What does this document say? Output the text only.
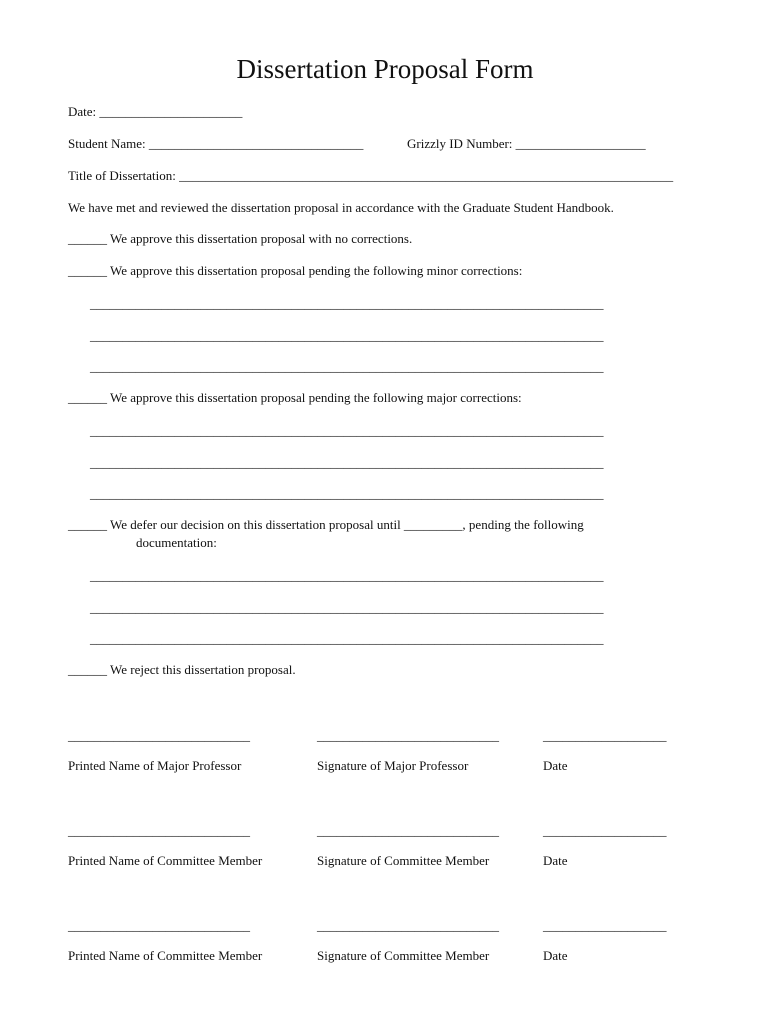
Dissertation Proposal Form
Date: ______________________
Student Name: _________________________________	Grizzly ID Number: ____________________
Title of Dissertation: ____________________________________________________________________________
We have met and reviewed the dissertation proposal in accordance with the Graduate Student Handbook.
______ We approve this dissertation proposal with no corrections.
______ We approve this dissertation proposal pending the following minor corrections:
_______________________________________________________________________________
_______________________________________________________________________________
_______________________________________________________________________________
______ We approve this dissertation proposal pending the following major corrections:
_______________________________________________________________________________
_______________________________________________________________________________
_______________________________________________________________________________
______ We defer our decision on this dissertation proposal until _________, pending the following
documentation:
_______________________________________________________________________________
_______________________________________________________________________________
_______________________________________________________________________________
______ We reject this dissertation proposal.
____________________________	____________________________	___________________
Printed Name of Major Professor	Signature of Major Professor	Date
____________________________	____________________________	___________________
Printed Name of Committee Member	Signature of Committee Member	Date
____________________________	____________________________	___________________
Printed Name of Committee Member	Signature of Committee Member	Date
